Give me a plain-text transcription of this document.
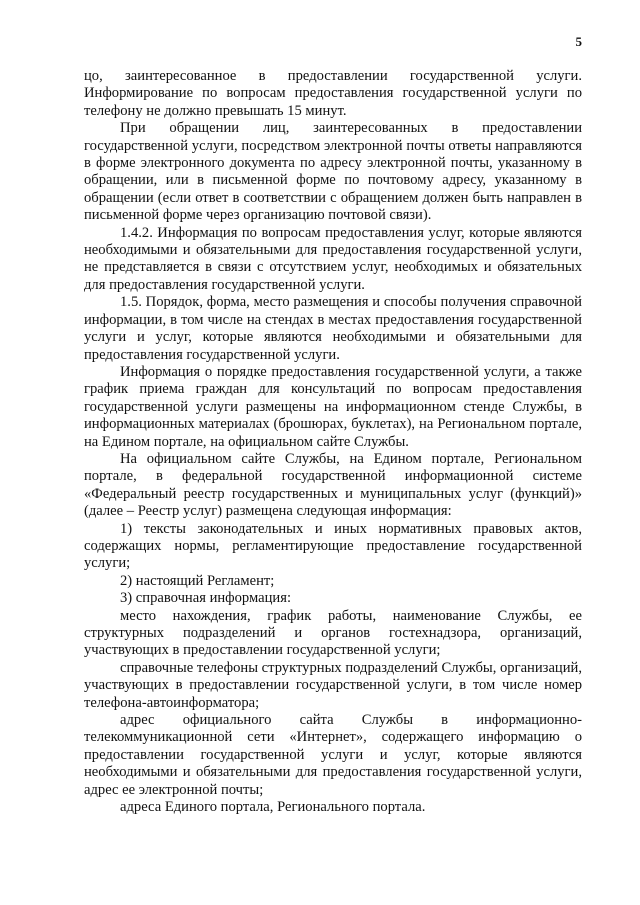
5

цо, заинтересованное в предоставлении государственной услуги. Информирование по вопросам предоставления государственной услуги по телефону не должно превышать 15 минут.

При обращении лиц, заинтересованных в предоставлении государственной услуги, посредством электронной почты ответы направляются в форме электронного документа по адресу электронной почты, указанному в обращении, или в письменной форме по почтовому адресу, указанному в обращении (если ответ в соответствии с обращением должен быть направлен в письменной форме через организацию почтовой связи).

1.4.2. Информация по вопросам предоставления услуг, которые являются необходимыми и обязательными для предоставления государственной услуги, не представляется в связи с отсутствием услуг, необходимых и обязательных для предоставления государственной услуги.

1.5. Порядок, форма, место размещения и способы получения справочной информации, в том числе на стендах в местах предоставления государственной услуги и услуг, которые являются необходимыми и обязательными для предоставления государственной услуги.

Информация о порядке предоставления государственной услуги, а также график приема граждан для консультаций по вопросам предоставления государственной услуги размещены на информационном стенде Службы, в информационных материалах (брошюрах, буклетах), на Региональном портале, на Едином портале, на официальном сайте Службы.

На официальном сайте Службы, на Едином портале, Региональном портале, в федеральной государственной информационной системе «Федеральный реестр государственных и муниципальных услуг (функций)» (далее – Реестр услуг) размещена следующая информация:

1) тексты законодательных и иных нормативных правовых актов, содержащих нормы, регламентирующие предоставление государственной услуги;

2) настоящий Регламент;

3) справочная информация:

место нахождения, график работы, наименование Службы, ее структурных подразделений и органов гостехнадзора, организаций, участвующих в предоставлении государственной услуги;

справочные телефоны структурных подразделений Службы, организаций, участвующих в предоставлении государственной услуги, в том числе номер телефона-автоинформатора;

адрес официального сайта Службы в информационно-телекоммуникационной сети «Интернет», содержащего информацию о предоставлении государственной услуги и услуг, которые являются необходимыми и обязательными для предоставления государственной услуги, адрес ее электронной почты;

адреса Единого портала, Регионального портала.
